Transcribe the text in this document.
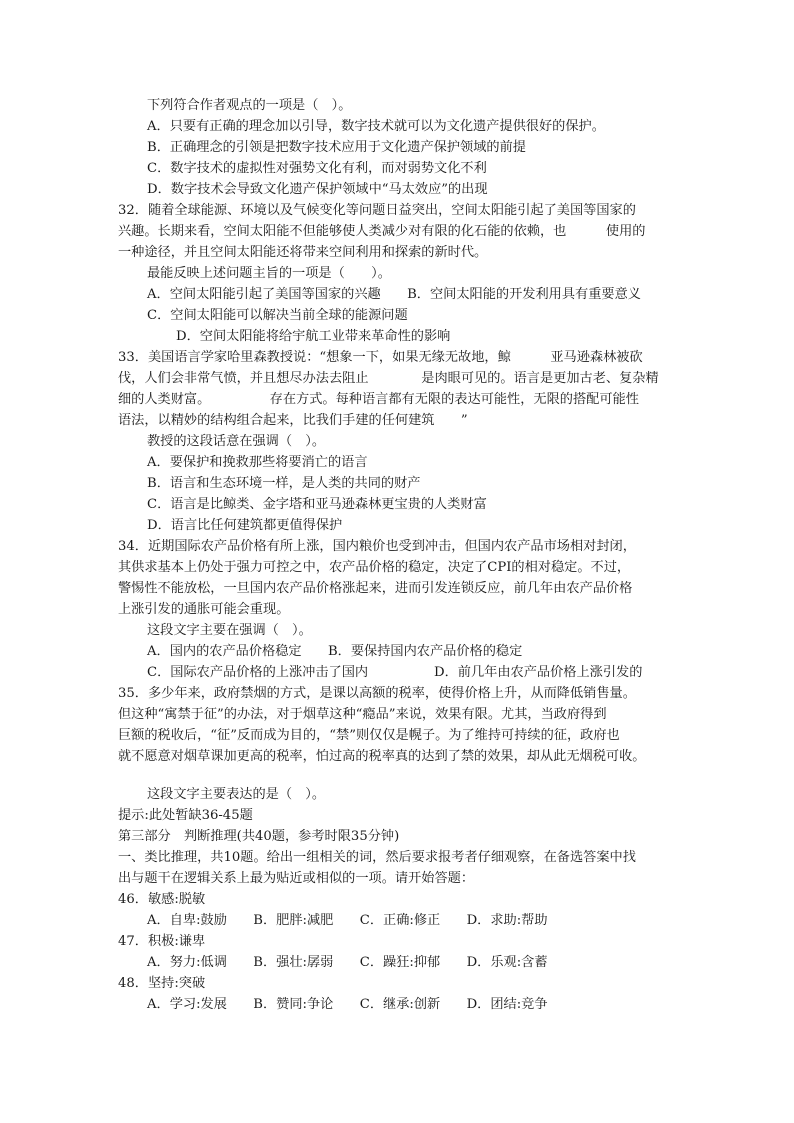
下列符合作者观点的一项是（　）。
A．只要有正确的理念加以引导，数字技术就可以为文化遗产提供很好的保护。
B．正确理念的引领是把数字技术应用于文化遗产保护领域的前提
C．数字技术的虚拟性对强势文化有利，而对弱势文化不利
D．数字技术会导致文化遗产保护领域中“马太效应”的出现
32．随着全球能源、环境以及气候变化等问题日益突出，空间太阳能引起了美国等国家的
兴趣。长期来看，空间太阳能不但能够使人类减少对有限的化石能的依赖，也　　　使用的
一种途径，并且空间太阳能还将带来空间利用和探索的新时代。
最能反映上述问题主旨的一项是（　　）。
A．空间太阳能引起了美国等国家的兴趣　　B．空间太阳能的开发利用具有重要意义
C．空间太阳能可以解决当前全球的能源问题
D．空间太阳能将给宇航工业带来革命性的影响
33．美国语言学家哈里森教授说：“想象一下，如果无缘无故地，鲸　　　亚马逊森林被砍
伐，人们会非常气愤，并且想尽办法去阻止　　　　是肉眼可见的。语言是更加古老、复杂精
细的人类财富。　　　　　存在方式。每种语言都有无限的表达可能性，无限的搭配可能性
语法，以精妙的结构组合起来，比我们手建的任何建筑　　”
教授的这段话意在强调（　）。
A．要保护和挽救那些将要消亡的语言
B．语言和生态环境一样，是人类的共同的财产
C．语言是比鲸类、金字塔和亚马逊森林更宝贵的人类财富
D．语言比任何建筑都更值得保护
34．近期国际农产品价格有所上涨，国内粮价也受到冲击，但国内农产品市场相对封闭，
其供求基本上仍处于强力可控之中，农产品价格的稳定，决定了CPI的相对稳定。不过，
警惕性不能放松，一旦国内农产品价格涨起来，进而引发连锁反应，前几年由农产品价格
上涨引发的通胀可能会重现。
这段文字主要在强调（　）。
A．国内的农产品价格稳定　　B．要保持国内农产品价格的稳定
C．国际农产品价格的上涨冲击了国内　　　　　D．前几年由农产品价格上涨引发的
35．多少年来，政府禁烟的方式，是课以高额的税率，使得价格上升，从而降低销售量。
但这种“寓禁于征”的办法，对于烟草这种“瘾品”来说，效果有限。尤其，当政府得到
巨额的税收后，“征”反而成为目的，“禁”则仅仅是幌子。为了维持可持续的征，政府也
就不愿意对烟草课加更高的税率，怕过高的税率真的达到了禁的效果，却从此无烟税可收。
这段文字主要表达的是（　）。
提示:此处暂缺36-45题
第三部分　判断推理(共40题，参考时限35分钟)
一、类比推理，共10题。给出一组相关的词，然后要求报考者仔细观察，在备选答案中找
出与题干在逻辑关系上最为贴近或相似的一项。请开始答题：
46．敏感:脱敏
A．自卑:鼓励　　B．肥胖:减肥　　C．正确:修正　　D．求助:帮助
47．积极:谦卑
A．努力:低调　　B．强壮:孱弱　　C．躁狂:抑郁　　D．乐观:含蓄
48．坚持:突破
A．学习:发展　　B．赞同:争论　　C．继承:创新　　D．团结:竞争
